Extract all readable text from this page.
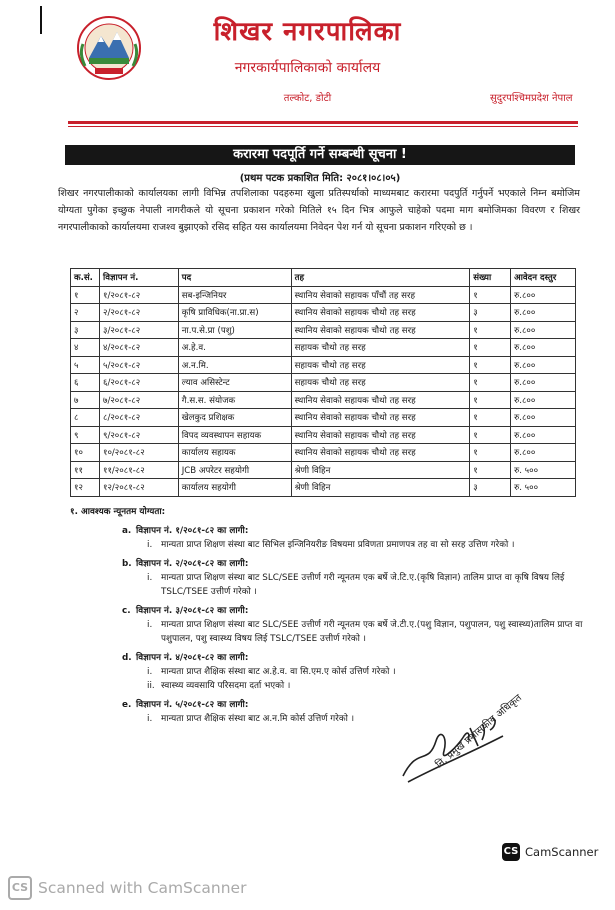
शिखर नगरपालिका
नगरकार्यपालिकाको कार्यालय
तल्कोट, डोटी	सुदुरपश्चिमप्रदेश नेपाल
करारमा पदपूर्ति गर्ने सम्बन्धी सूचना !
(प्रथम पटक प्रकाशित मिति: २०८१।०८।०५)
शिखर नगरपालीकाको कार्यालयका लागी विभिन्न तपशिलाका पदहरुमा खुला प्रतिस्पर्धाको माध्यमबाट करारमा पदपुर्ति गर्नुपर्ने भएकाले निम्न बमोजिम योग्यता पुगेका इच्छुक नेपाली नागरीकले यो सूचना प्रकाशन गरेको मितिले १५ दिन भित्र आफुले चाहेको पदमा माग बमोजिमका विवरण र शिखर नगरपालीकाको कार्यालयमा राजश्व बुझाएको रसिद सहित यस कार्यालयमा निवेदन पेश गर्न यो सूचना प्रकाशन गरिएको छ ।
क.सं.	विज्ञापन नं.	पद	तह	संख्या	आवेदन दस्तुर
१	१/२०८१-८२	सब-इन्जिनियर	स्थानिय सेवाको सहायक पाँचौं तह सरह	१	रु.८००
२	२/२०८१-८२	कृषि प्राविधिक(ना.प्रा.स)	स्थानिय सेवाको सहायक चौथो तह सरह	३	रु.८००
३	३/२०८१-८२	ना.प.से.प्रा (पशु)	स्थानिय सेवाको सहायक चौथो तह सरह	१	रु.८००
४	४/२०८१-८२	अ.हे.व.	सहायक चौथो तह सरह	१	रु.८००
५	५/२०८१-८२	अ.न.मि.	सहायक चौथो तह सरह	१	रु.८००
६	६/२०८१-८२	ल्याव असिस्टेन्ट	सहायक चौथो तह सरह	१	रु.८००
७	७/२०८१-८२	गै.स.स. संयोजक	स्थानिय सेवाको सहायक चौथो तह सरह	१	रु.८००
८	८/२०८१-८२	खेलकुद प्रशिक्षक	स्थानिय सेवाको सहायक चौथो तह सरह	१	रु.८००
९	९/२०८१-८२	विपद व्यवस्थापन सहायक	स्थानिय सेवाको सहायक चौथो तह सरह	१	रु.८००
१०	१०/२०८१-८२	कार्यालय सहायक	स्थानिय सेवाको सहायक चौथो तह सरह	१	रु.८००
११	११/२०८१-८२	JCB अपरेटर सहयोगी	श्रेणी विहिन	१	रु. ५००
१२	१२/२०८१-८२	कार्यालय सहयोगी	श्रेणी विहिन	३	रु. ५००
१. आवश्यक न्यूनतम योग्यता:
a. विज्ञापन नं. १/२०८१-८२ का लागी:
i. मान्यता प्राप्त शिक्षण संस्था बाट सिभिल इन्जिनियरीङ विषयमा प्रविणता प्रमाणपत्र तह वा सो सरह उत्तिण गरेको ।
b. विज्ञापन नं. २/२०८१-८२ का लागी:
i. मान्यता प्राप्त शिक्षण संस्था बाट SLC/SEE उत्तीर्ण गरी न्यूनतम एक बर्षे जे.टि.ए.(कृषि विज्ञान) तालिम प्राप्त वा कृषि विषय लिई TSLC/TSEE उत्तीर्ण गरेको ।
c. विज्ञापन नं. ३/२०८१-८२ का लागी:
i. मान्यता प्राप्त शिक्षण संस्था बाट SLC/SEE उत्तीर्ण गरी न्यूनतम एक बर्षे जे.टी.ए.(पशु विज्ञान, पशुपालन, पशु स्वास्थ्य)तालिम प्राप्त वा पशुपालन, पशु स्वास्थ्य विषय लिई TSLC/TSEE उत्तीर्ण गरेको ।
d. विज्ञापन नं. ४/२०८१-८२ का लागी:
i. मान्यता प्राप्त शैक्षिक संस्था बाट अ.हे.व. वा सि.एम.ए कोर्स उत्तिर्ण गरेको ।
ii. स्वास्थ्य व्यवसायि परिसदमा दर्ता भएको ।
e. विज्ञापन नं. ५/२०८१-८२ का लागी:
i. मान्यता प्राप्त शैक्षिक संस्था बाट अ.न.मि कोर्स उत्तिर्ण गरेको ।	नि. प्रमुख प्रशासकीय अधिकृत
CS CamScanner
CS Scanned with CamScanner
